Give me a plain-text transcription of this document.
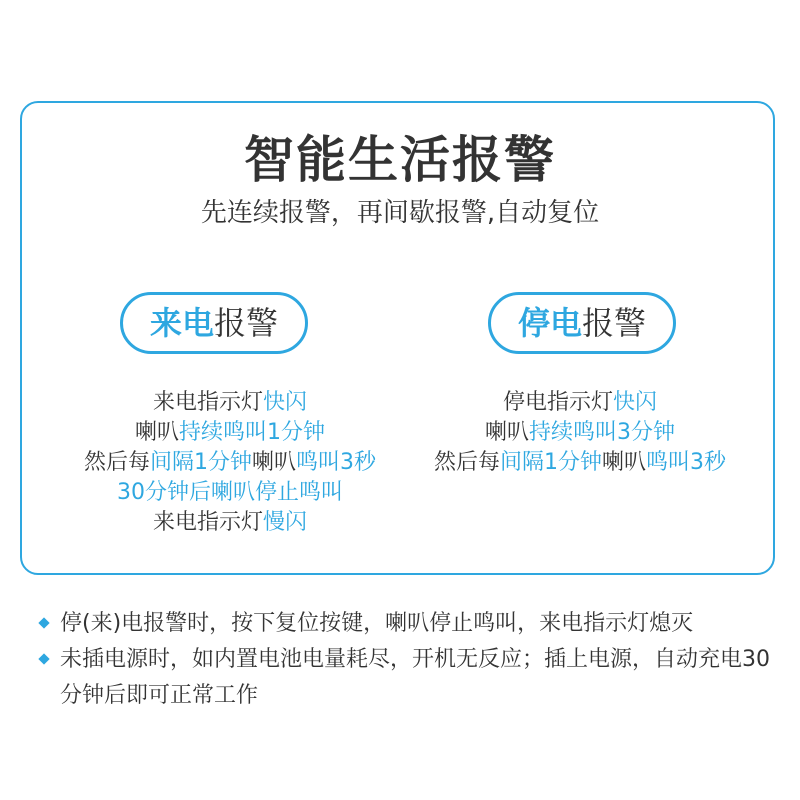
智能生活报警
先连续报警，再间歇报警,自动复位
来电报警	停电报警
来电指示灯快闪
喇叭持续鸣叫1分钟
然后每间隔1分钟喇叭鸣叫3秒
30分钟后喇叭停止鸣叫
来电指示灯慢闪
停电指示灯快闪
喇叭持续鸣叫3分钟
然后每间隔1分钟喇叭鸣叫3秒
停(来)电报警时，按下复位按键，喇叭停止鸣叫，来电指示灯熄灭
未插电源时，如内置电池电量耗尽，开机无反应；插上电源，自动充电30分钟后即可正常工作
